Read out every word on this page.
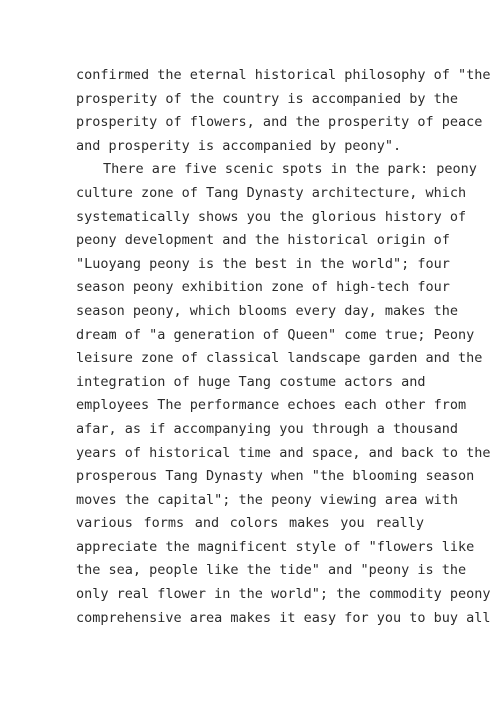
confirmed the eternal historical philosophy of "the
prosperity of the country is accompanied by the
prosperity of flowers, and the prosperity of peace
and prosperity is accompanied by peony".
There are five scenic spots in the park: peony
culture zone of Tang Dynasty architecture, which
systematically shows you the glorious history of
peony development and the historical origin of
"Luoyang peony is the best in the world"; four
season peony exhibition zone of high-tech four
season peony, which blooms every day, makes the
dream of "a generation of Queen" come true; Peony
leisure zone of classical landscape garden and the
integration of huge Tang costume actors and
employees The performance echoes each other from
afar, as if accompanying you through a thousand
years of historical time and space, and back to the
prosperous Tang Dynasty when "the blooming season
moves the capital"; the peony viewing area with
various forms and colors makes you really
appreciate the magnificent style of "flowers like
the sea, people like the tide" and "peony is the
only real flower in the world"; the commodity peony
comprehensive area makes it easy for you to buy all
